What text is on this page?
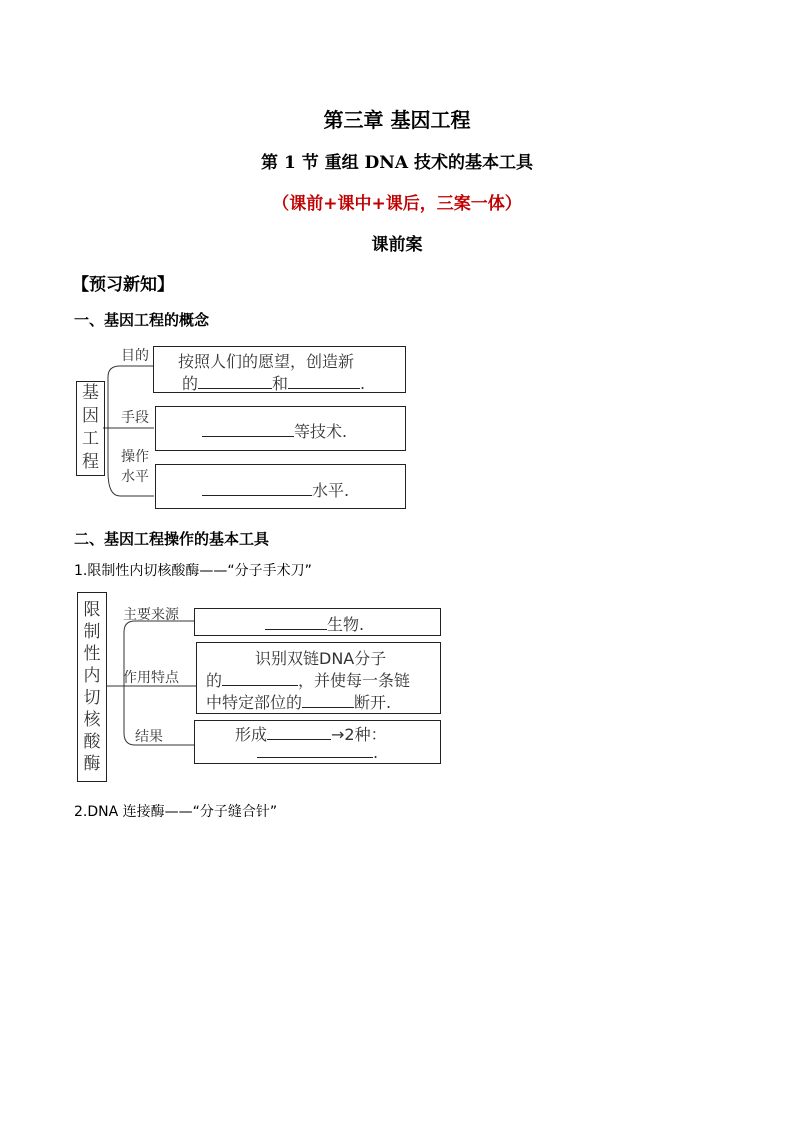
第三章 基因工程
第 1 节 重组 DNA 技术的基本工具
（课前+课中+课后，三案一体）
课前案
【预习新知】
一、基因工程的概念
基因工程
目的
手段
操作水平
按照人们的愿望，创造新
的	和	.
等技术.
水平.
二、基因工程操作的基本工具
1.限制性内切核酸酶——“分子手术刀”
限制性内切核酸酶
主要来源
作用特点
结果
生物.
识别双链DNA分子
的	，并使每一条链
中特定部位的	断开.
形成	→2种：
.
2.DNA 连接酶——“分子缝合针”
